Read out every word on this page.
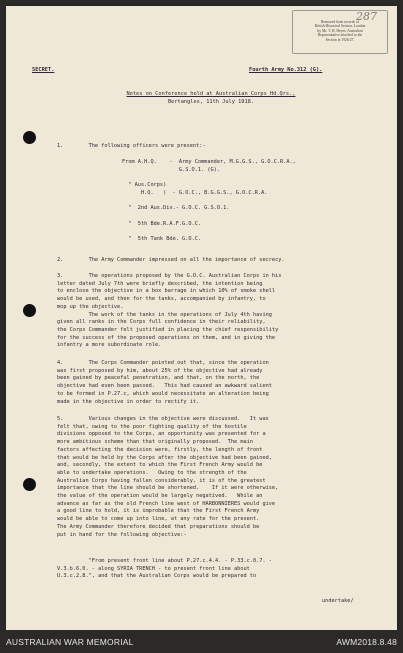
287
Removed from records of
British Historical Section, London
by Mr. T. H. Heyes, Australian
Representative attached to the
Section in 1926/27.
SECRET.	Fourth Army No.312 (G).
Notes on Conference held at Australian Corps Hd.Qrs.,
Bertangles, 11th July 1918.
1.        The following officers were present:-
From A.H.Q.    -  Army Commander, M.G.G.S., G.O.C.R.A.,
G.S.O.1. (G).

" Aus.Corps)
H.Q.   )  - G.O.C., B.G.G.S., G.O.C.R.A.

"  2nd Aus.Div.- G.O.C. G.S.O.1.

"  5th Bde.R.A.F.G.O.C.

"  5th Tank Bde. G.O.C.
2.        The Army Commander impressed on all the importance of secrecy.
3.        The operations proposed by the G.O.C. Australian Corps in his
letter dated July 7th were briefly described, the intention being
to enclose the objective in a box barrage in which 10% of smoke shell
would be used, and then for the tanks, accompanied by infantry, to
mop up the objective.
The work of the tanks in the operations of July 4th having
given all ranks in the Corps full confidence in their reliability,
the Corps Commander felt justified in placing the chief responsibility
for the success of the proposed operations on them, and in giving the
infantry a more subordinate role.
4.        The Corps Commander pointed out that, since the operation
was first proposed by him, about 25% of the objective had already
been gained by peaceful penetration, and that, on the north, the
objective had even been passed.   This had caused an awkward salient
to be formed in P.27.c, which would necessitate an alteration being
made in the objective in order to rectify it.
5.        Various changes in the objective were discussed.   It was
felt that, owing to the poor fighting quality of the hostile
divisions opposed to the Corps, an opportunity was presented for a
more ambitious scheme than that originally proposed.  The main
factors affecting the decision were, firstly, the length of front
that would be held by the Corps after the objective had been gained,
and, secondly, the extent to which the First French Army would be
able to undertake operations.   Owing to the strength of the
Australian Corps having fallen considerably, it is of the greatest
importance that the line should be shortened.    If it were otherwise,
the value of the operation would be largely negatived.   While an
advance as far as the old French line west of HARBONNIERES would give
a good line to hold, it is improbable that the First French Army
would be able to come up into line, at any rate for the present.
The Army Commander therefore decided that preparations should be
put in hand for the following objective:-
"From present front line about P.27.c.4.4. - P.33.c.0.7. -
V.3.b.6.0. - along SYRIA TRENCH - to present front line about
U.3.c.2.8.", and that the Australian Corps would be prepared to
undertake/
AUSTRALIAN WAR MEMORIAL	AWM2018.8.48
